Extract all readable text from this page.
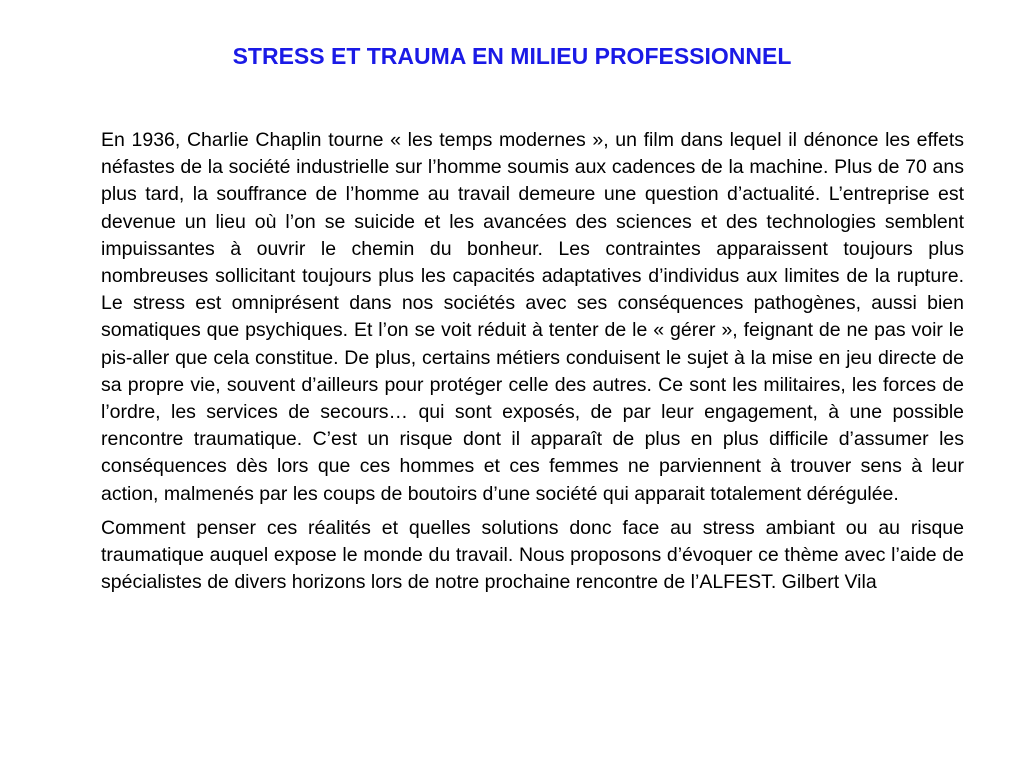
STRESS ET TRAUMA EN MILIEU PROFESSIONNEL

En 1936, Charlie Chaplin tourne « les temps modernes », un film dans lequel il dénonce les effets néfastes de la société industrielle sur l’homme soumis aux cadences de la machine. Plus de 70 ans plus tard, la souffrance de l’homme au travail demeure une question d’actualité. L’entreprise est devenue un lieu où l’on se suicide et les avancées des sciences et des technologies semblent impuissantes à ouvrir le chemin du bonheur. Les contraintes apparaissent toujours plus nombreuses sollicitant toujours plus les capacités adaptatives d’individus aux limites de la rupture. Le stress est omniprésent dans nos sociétés avec ses conséquences pathogènes, aussi bien somatiques que psychiques. Et l’on se voit réduit à tenter de le « gérer », feignant de ne pas voir le pis-aller que cela constitue. De plus, certains métiers conduisent le sujet à la mise en jeu directe de sa propre vie, souvent d’ailleurs pour protéger celle des autres. Ce sont les militaires, les forces de l’ordre, les services de secours… qui sont exposés, de par leur engagement, à une possible rencontre traumatique. C’est un risque dont il apparaît de plus en plus difficile d’assumer les conséquences dès lors que ces hommes et ces femmes ne parviennent à trouver sens à leur action, malmenés par les coups de boutoirs d’une société qui apparait totalement dérégulée.

Comment penser ces réalités et quelles solutions donc face au stress ambiant ou au risque traumatique auquel expose le monde du travail. Nous proposons d’évoquer ce thème avec l’aide de spécialistes de divers horizons lors de notre prochaine rencontre de l’ALFEST. Gilbert Vila
